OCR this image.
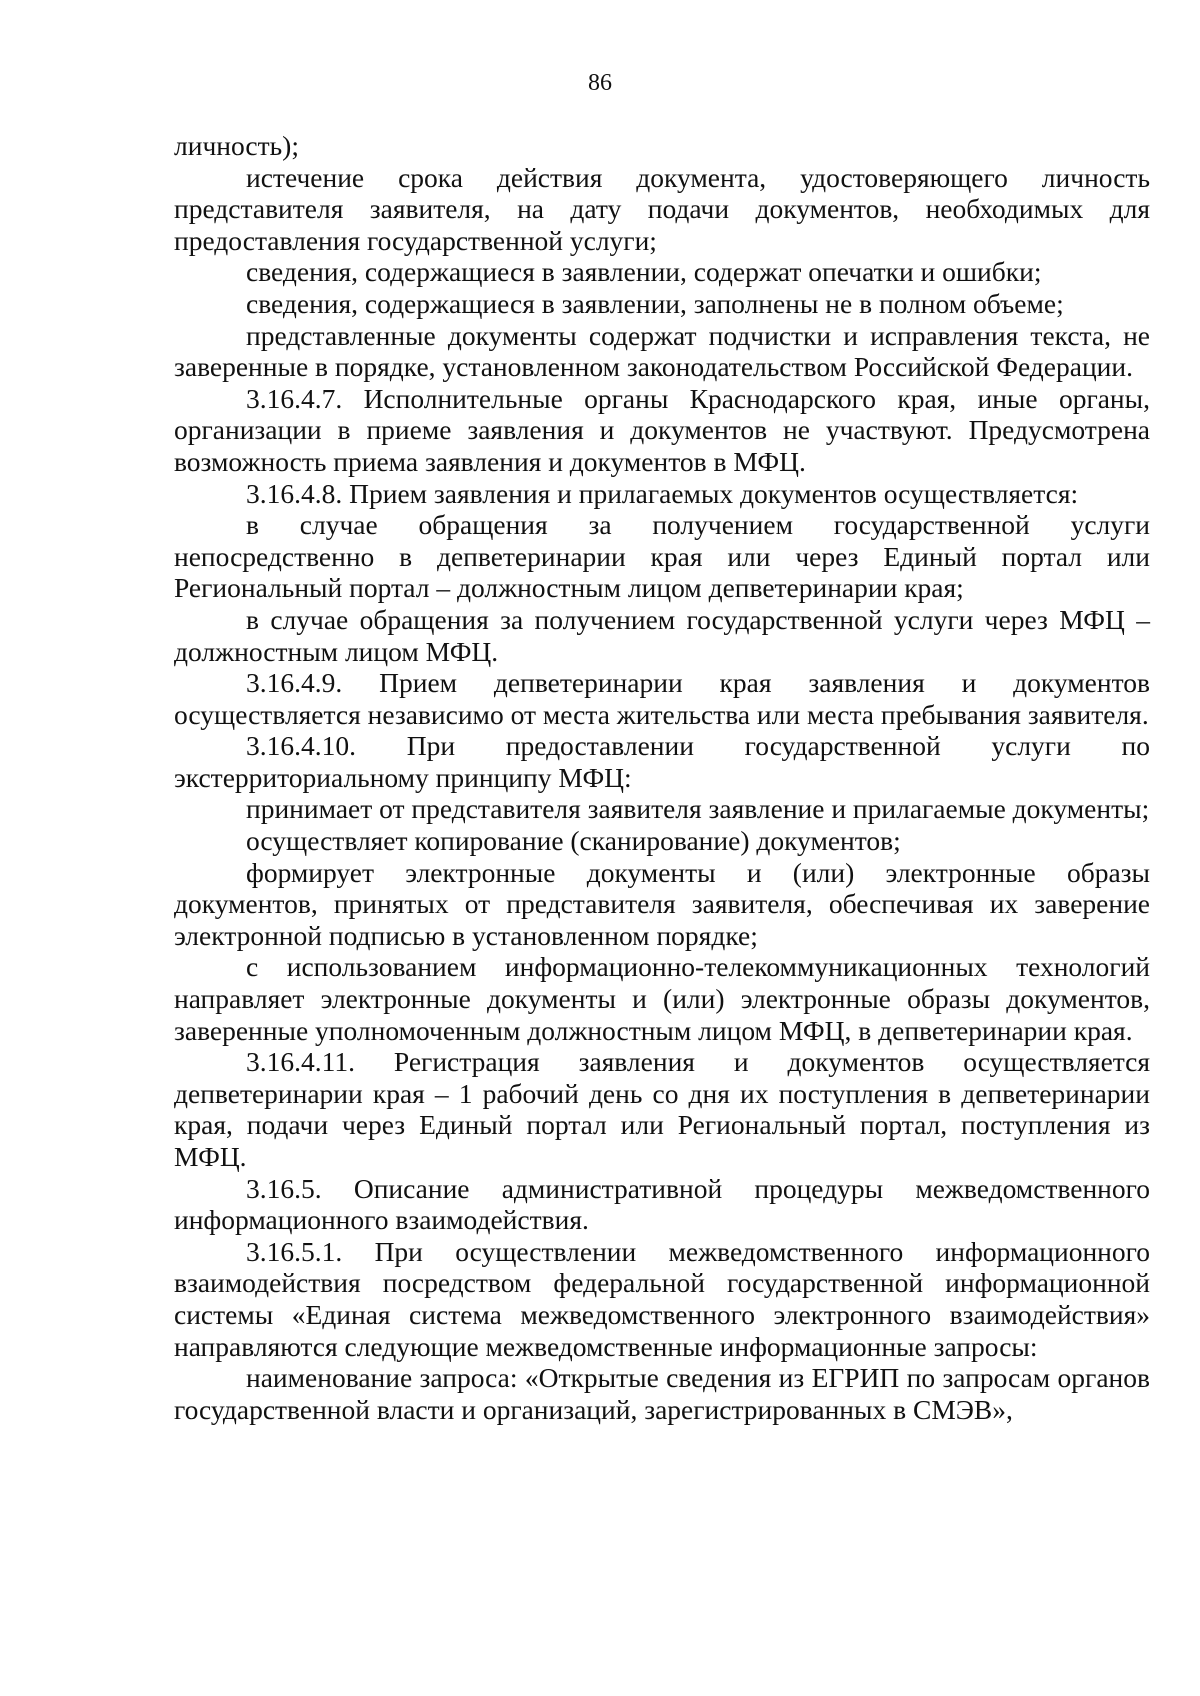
86

личность);

истечение срока действия документа, удостоверяющего личность представителя заявителя, на дату подачи документов, необходимых для предоставления государственной услуги;

сведения, содержащиеся в заявлении, содержат опечатки и ошибки;

сведения, содержащиеся в заявлении, заполнены не в полном объеме;

представленные документы содержат подчистки и исправления текста, не заверенные в порядке, установленном законодательством Российской Федерации.

3.16.4.7. Исполнительные органы Краснодарского края, иные органы, организации в приеме заявления и документов не участвуют. Предусмотрена возможность приема заявления и документов в МФЦ.

3.16.4.8. Прием заявления и прилагаемых документов осуществляется:

в случае обращения за получением государственной услуги непосредственно в депветеринарии края или через Единый портал или Региональный портал – должностным лицом депветеринарии края;

в случае обращения за получением государственной услуги через МФЦ – должностным лицом МФЦ.

3.16.4.9. Прием депветеринарии края заявления и документов осуществляется независимо от места жительства или места пребывания заявителя.

3.16.4.10. При предоставлении государственной услуги по экстерриториальному принципу МФЦ:

принимает от представителя заявителя заявление и прилагаемые документы;

осуществляет копирование (сканирование) документов;

формирует электронные документы и (или) электронные образы документов, принятых от представителя заявителя, обеспечивая их заверение электронной подписью в установленном порядке;

с использованием информационно-телекоммуникационных технологий направляет электронные документы и (или) электронные образы документов, заверенные уполномоченным должностным лицом МФЦ, в депветеринарии края.

3.16.4.11. Регистрация заявления и документов осуществляется депветеринарии края – 1 рабочий день со дня их поступления в депветеринарии края, подачи через Единый портал или Региональный портал, поступления из МФЦ.

3.16.5. Описание административной процедуры межведомственного информационного взаимодействия.

3.16.5.1. При осуществлении межведомственного информационного взаимодействия посредством федеральной государственной информационной системы «Единая система межведомственного электронного взаимодействия» направляются следующие межведомственные информационные запросы:

наименование запроса: «Открытые сведения из ЕГРИП по запросам органов государственной власти и организаций, зарегистрированных в СМЭВ»,
